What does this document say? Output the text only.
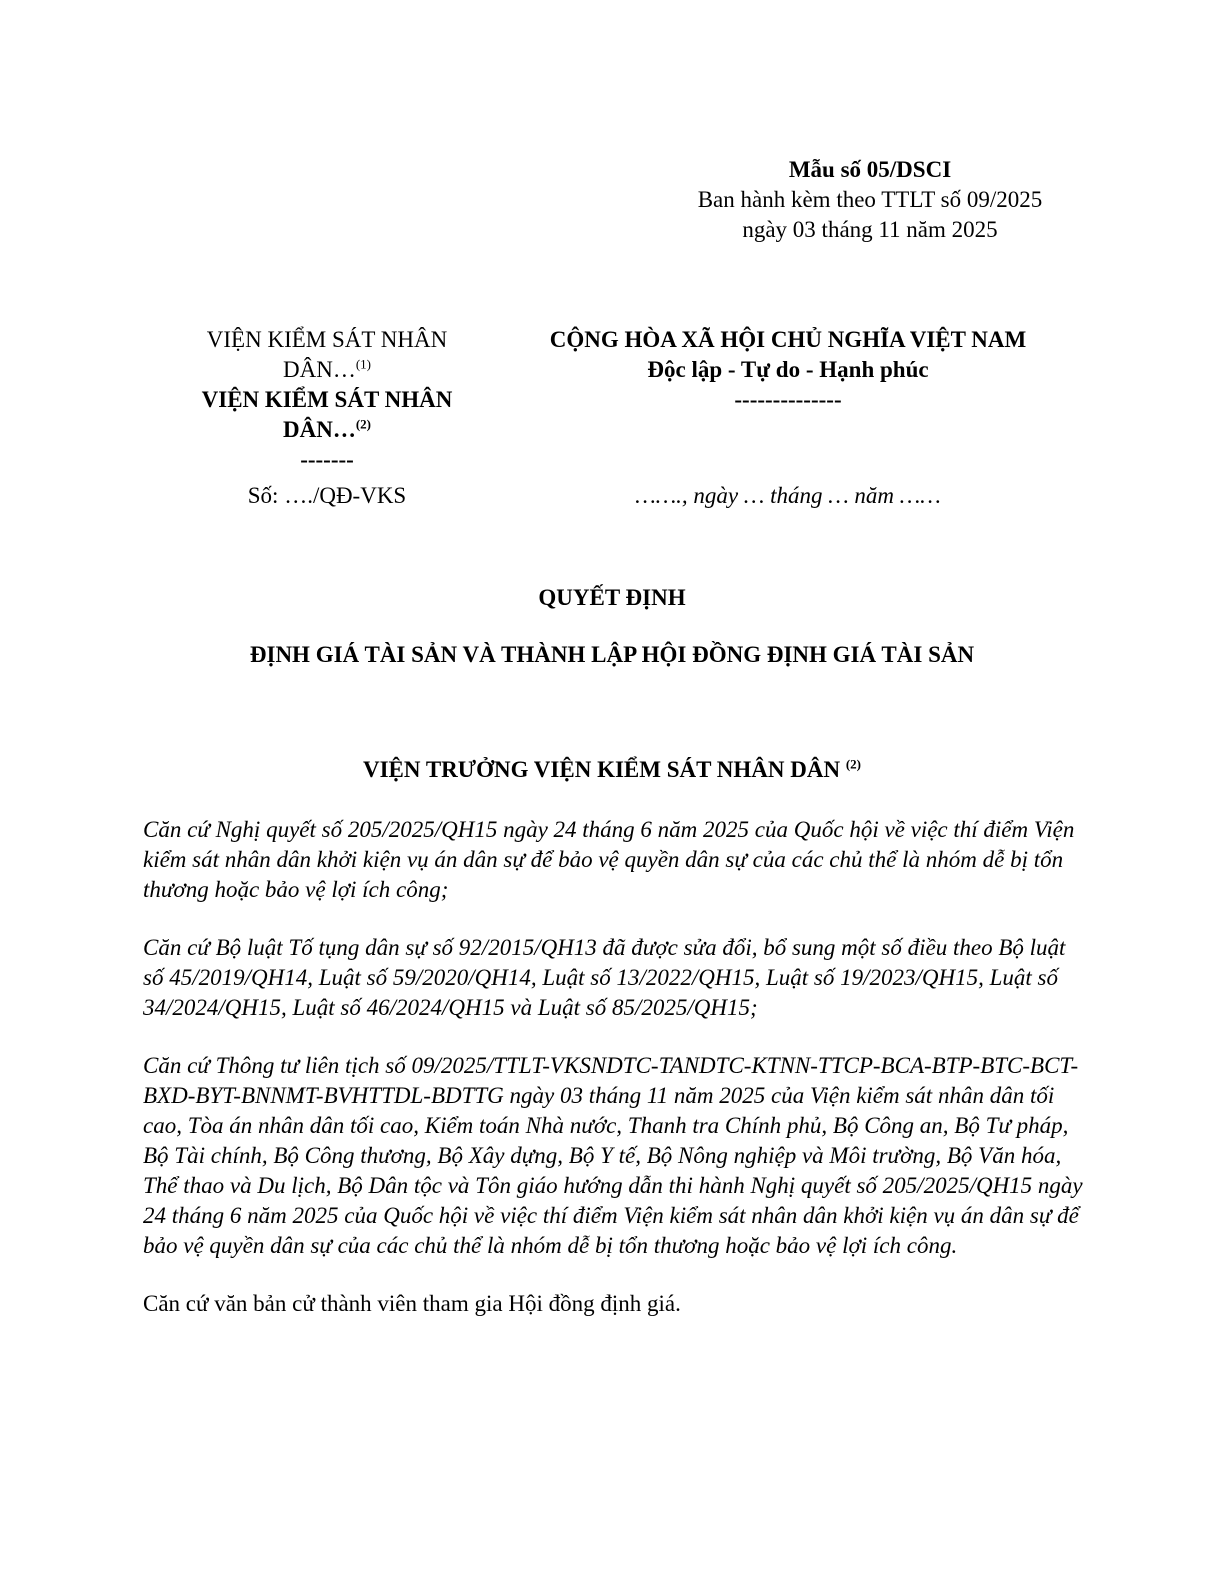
Mẫu số 05/DSCI
Ban hành kèm theo TTLT số 09/2025
ngày 03 tháng 11 năm 2025
VIỆN KIỂM SÁT NHÂN DÂN…$^{(1)}$
VIỆN KIỂM SÁT NHÂN DÂN…$^{(2)}$
-------
Số: …./QĐ-VKS
CỘNG HÒA XÃ HỘI CHỦ NGHĨA VIỆT NAM
Độc lập - Tự do - Hạnh phúc
--------------
……., ngày … tháng … năm ……
QUYẾT ĐỊNH
ĐỊNH GIÁ TÀI SẢN VÀ THÀNH LẬP HỘI ĐỒNG ĐỊNH GIÁ TÀI SẢN
VIỆN TRƯỞNG VIỆN KIỂM SÁT NHÂN DÂN $^{(2)}$

Căn cứ Nghị quyết số 205/2025/QH15 ngày 24 tháng 6 năm 2025 của Quốc hội về việc thí điểm Viện kiểm sát nhân dân khởi kiện vụ án dân sự để bảo vệ quyền dân sự của các chủ thể là nhóm dễ bị tổn thương hoặc bảo vệ lợi ích công;

Căn cứ Bộ luật Tố tụng dân sự số 92/2015/QH13 đã được sửa đổi, bổ sung một số điều theo Bộ luật số 45/2019/QH14, Luật số 59/2020/QH14, Luật số 13/2022/QH15, Luật số 19/2023/QH15, Luật số 34/2024/QH15, Luật số 46/2024/QH15 và Luật số 85/2025/QH15;

Căn cứ Thông tư liên tịch số 09/2025/TTLT-VKSNDTC-TANDTC-KTNN-TTCP-BCA-BTP-BTC-BCT-BXD-BYT-BNNMT-BVHTTDL-BDTTG ngày 03 tháng 11 năm 2025 của Viện kiểm sát nhân dân tối cao, Tòa án nhân dân tối cao, Kiểm toán Nhà nước, Thanh tra Chính phủ, Bộ Công an, Bộ Tư pháp, Bộ Tài chính, Bộ Công thương, Bộ Xây dựng, Bộ Y tế, Bộ Nông nghiệp và Môi trường, Bộ Văn hóa, Thể thao và Du lịch, Bộ Dân tộc và Tôn giáo hướng dẫn thi hành Nghị quyết số 205/2025/QH15 ngày 24 tháng 6 năm 2025 của Quốc hội về việc thí điểm Viện kiểm sát nhân dân khởi kiện vụ án dân sự để bảo vệ quyền dân sự của các chủ thể là nhóm dễ bị tổn thương hoặc bảo vệ lợi ích công.

Căn cứ văn bản cử thành viên tham gia Hội đồng định giá.
